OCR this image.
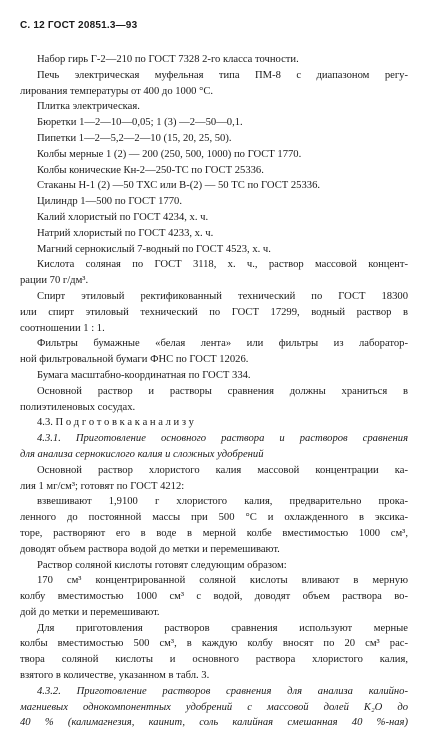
С. 12 ГОСТ 20851.3—93
Набор гирь Г-2—210 по ГОСТ 7328 2-го класса точности.
Печь электрическая муфельная типа ПМ-8 с диапазоном регу-
лирования температуры от 400 до 1000 °С.
Плитка электрическая.
Бюретки 1—2—10—0,05; 1 (3) —2—50—0,1.
Пипетки 1—2—5,2—2—10 (15, 20, 25, 50).
Колбы мерные 1 (2) — 200 (250, 500, 1000) по ГОСТ 1770.
Колбы конические Кн-2—250-ТС по ГОСТ 25336.
Стаканы Н-1 (2) —50 ТХС или В-(2) — 50 ТС по ГОСТ 25336.
Цилиндр 1—500 по ГОСТ 1770.
Калий хлористый по ГОСТ 4234, х. ч.
Натрий хлористый по ГОСТ 4233, х. ч.
Магний сернокислый 7-водный по ГОСТ 4523, х. ч.
Кислота соляная по ГОСТ 3118, х. ч., раствор массовой концент-
рации 70 г/дм³.
Спирт этиловый ректификованный технический по ГОСТ 18300
или спирт этиловый технический по ГОСТ 17299, водный раствор в
соотношении 1 : 1.
Фильтры бумажные «белая лента» или фильтры из лаборатор-
ной фильтровальной бумаги ФНС по ГОСТ 12026.
Бумага масштабно-координатная по ГОСТ 334.
Основной раствор и растворы сравнения должны храниться в
полиэтиленовых сосудах.
4.3. П о д г о т о в к а к а н а л и з у
4.3.1. Приготовление основного раствора и растворов сравнения
для анализа сернокислого калия и сложных удобрений
Основной раствор хлористого калия массовой концентрации ка-
лия 1 мг/см³; готовят по ГОСТ 4212:
взвешивают 1,9100 г хлористого калия, предварительно прока-
ленного до постоянной массы при 500 °С и охлажденного в эксика-
торе, растворяют его в воде в мерной колбе вместимостью 1000 см³,
доводят объем раствора водой до метки и перемешивают.
Раствор соляной кислоты готовят следующим образом:
170 см³ концентрированной соляной кислоты вливают в мерную
колбу вместимостью 1000 см³ с водой, доводят объем раствора во-
дой до метки и перемешивают.
Для приготовления растворов сравнения используют мерные
колбы вместимостью 500 см³, в каждую колбу вносят по 20 см³ рас-
твора соляной кислоты и основного раствора хлористого калия,
взятого в количестве, указанном в табл. 3.
4.3.2. Приготовление растворов сравнения для анализа калийно-
магниевых однокомпонентных удобрений с массовой долей K₂O до
40 % (калимагнезия, каинит, соль калийная смешанная 40 %-ная)
